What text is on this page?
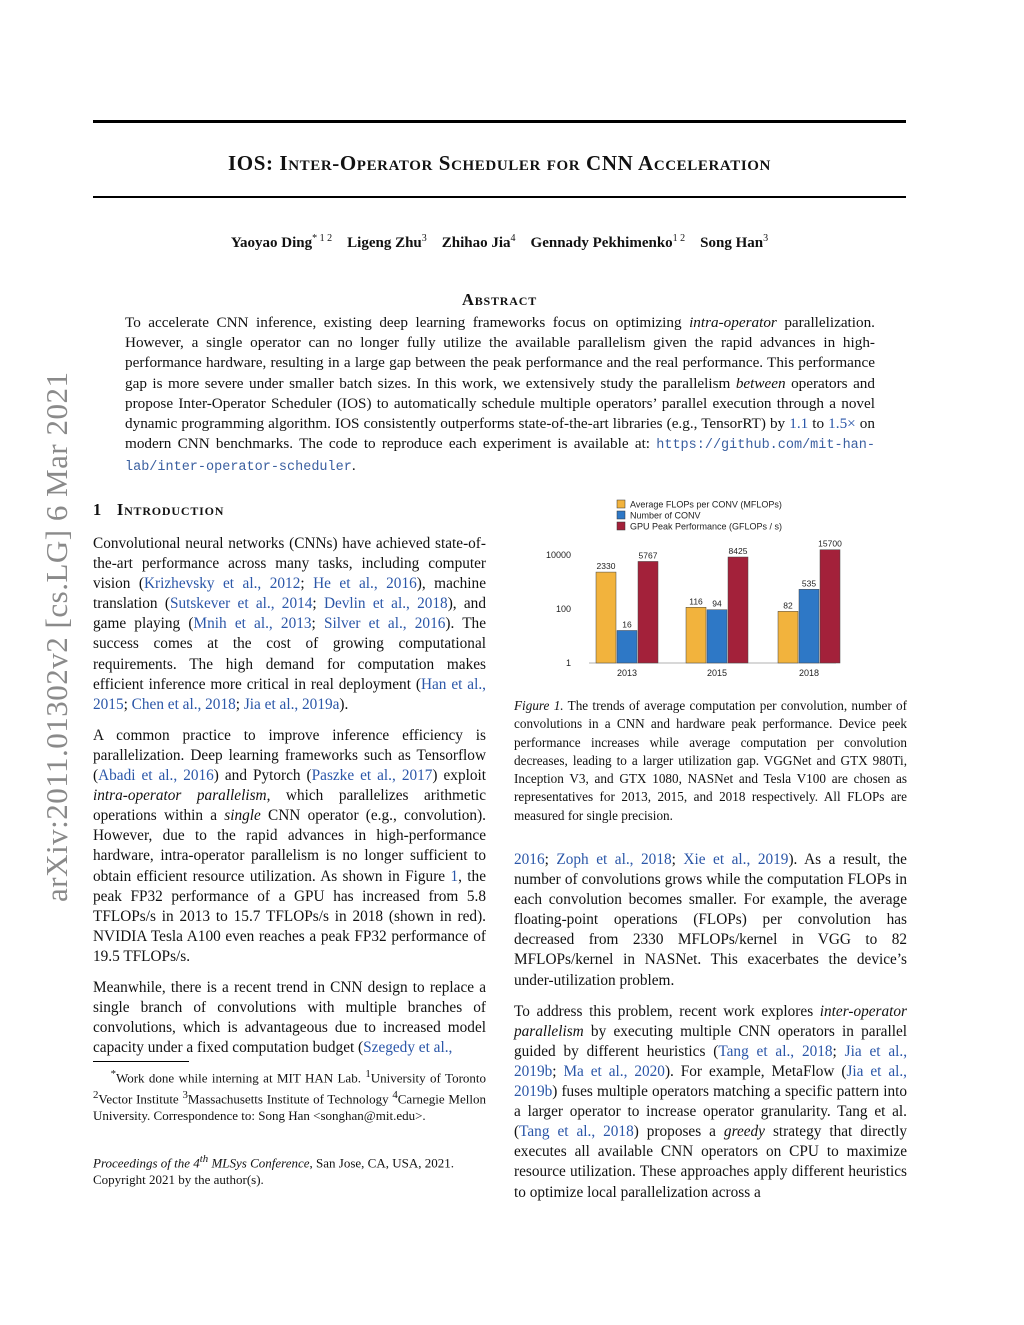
arXiv:2011.01302v2 [cs.LG] 6 Mar 2021
IOS: Inter-Operator Scheduler for CNN Acceleration
Yaoyao Ding$^{* 1 2}$ Ligeng Zhu$^3$ Zhihao Jia$^4$ Gennady Pekhimenko$^{1 2}$ Song Han$^3$
Abstract
To accelerate CNN inference, existing deep learning frameworks focus on optimizing intra-operator parallelization. However, a single operator can no longer fully utilize the available parallelism given the rapid advances in high-performance hardware, resulting in a large gap between the peak performance and the real performance. This performance gap is more severe under smaller batch sizes. In this work, we extensively study the parallelism between operators and propose Inter-Operator Scheduler (IOS) to automatically schedule multiple operators’ parallel execution through a novel dynamic programming algorithm. IOS consistently outperforms state-of-the-art libraries (e.g., TensorRT) by 1.1 to 1.5× on modern CNN benchmarks. The code to reproduce each experiment is available at: https://github.com/mit-han-lab/inter-operator-scheduler.
1 Introduction

Convolutional neural networks (CNNs) have achieved state-of-the-art performance across many tasks, including computer vision (Krizhevsky et al., 2012; He et al., 2016), machine translation (Sutskever et al., 2014; Devlin et al., 2018), and game playing (Mnih et al., 2013; Silver et al., 2016). The success comes at the cost of growing computational requirements. The high demand for computation makes efficient inference more critical in real deployment (Han et al., 2015; Chen et al., 2018; Jia et al., 2019a).

A common practice to improve inference efficiency is parallelization. Deep learning frameworks such as Tensorflow (Abadi et al., 2016) and Pytorch (Paszke et al., 2017) exploit intra-operator parallelism, which parallelizes arithmetic operations within a single CNN operator (e.g., convolution). However, due to the rapid advances in high-performance hardware, intra-operator parallelism is no longer sufficient to obtain efficient resource utilization. As shown in Figure 1, the peak FP32 performance of a GPU has increased from 5.8 TFLOPs/s in 2013 to 15.7 TFLOPs/s in 2018 (shown in red). NVIDIA Tesla A100 even reaches a peak FP32 performance of 19.5 TFLOPs/s.

Meanwhile, there is a recent trend in CNN design to replace a single branch of convolutions with multiple branches of convolutions, which is advantageous due to increased model capacity under a fixed computation budget (Szegedy et al.,

*Work done while interning at MIT HAN Lab. $^1$University of Toronto $^2$Vector Institute $^3$Massachusetts Institute of Technology $^4$Carnegie Mellon University. Correspondence to: Song Han <songhan@mit.edu>.
Proceedings of the 4th MLSys Conference, San Jose, CA, USA, 2021. Copyright 2021 by the author(s).
Average FLOPs per CONV (MFLOPs)
Number of CONV
GPU Peak Performance (GFLOPs / s)
1
100
10000
2330
16
5767
116 94
8425
82
535
15700
2013	2015	2018
Figure 1. The trends of average computation per convolution, number of convolutions in a CNN and hardware peak performance. Device peek performance increases while average computation per convolution decreases, leading to a larger utilization gap. VGGNet and GTX 980Ti, Inception V3, and GTX 1080, NASNet and Tesla V100 are chosen as representatives for 2013, 2015, and 2018 respectively. All FLOPs are measured for single precision.

2016; Zoph et al., 2018; Xie et al., 2019). As a result, the number of convolutions grows while the computation FLOPs in each convolution becomes smaller. For example, the average floating-point operations (FLOPs) per convolution has decreased from 2330 MFLOPs/kernel in VGG to 82 MFLOPs/kernel in NASNet. This exacerbates the device’s under-utilization problem.

To address this problem, recent work explores inter-operator parallelism by executing multiple CNN operators in parallel guided by different heuristics (Tang et al., 2018; Jia et al., 2019b; Ma et al., 2020). For example, MetaFlow (Jia et al., 2019b) fuses multiple operators matching a specific pattern into a larger operator to increase operator granularity. Tang et al. (Tang et al., 2018) proposes a greedy strategy that directly executes all available CNN operators on CPU to maximize resource utilization. These approaches apply different heuristics to optimize local parallelization across a
